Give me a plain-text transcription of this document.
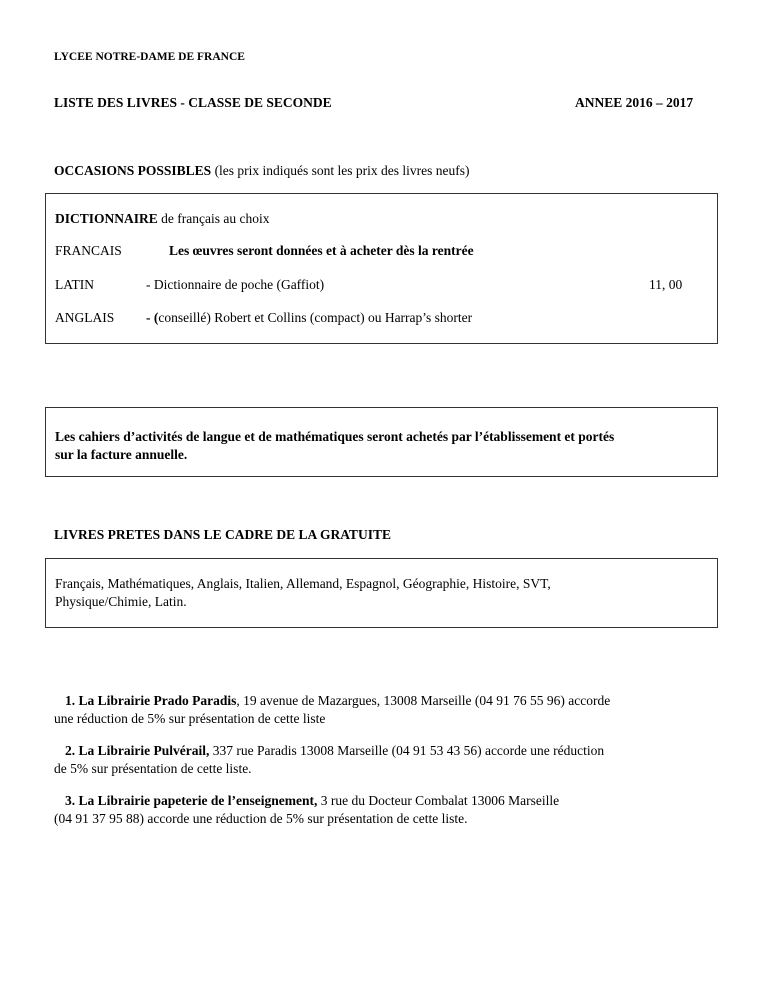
LYCEE NOTRE-DAME DE FRANCE
LISTE DES LIVRES - CLASSE DE SECONDE	ANNEE 2016 – 2017
OCCASIONS POSSIBLES (les prix indiqués sont les prix des livres neufs)
DICTIONNAIRE de français au choix
FRANCAIS	Les œuvres seront données et à acheter dès la rentrée
LATIN	- Dictionnaire de poche (Gaffiot)	11, 00
ANGLAIS - (conseillé) Robert et Collins (compact) ou Harrap’s shorter
Les cahiers d’activités de langue et de mathématiques seront achetés par l’établissement et portés
sur la facture annuelle.
LIVRES PRETES DANS LE CADRE DE LA GRATUITE
Français, Mathématiques, Anglais, Italien, Allemand, Espagnol, Géographie, Histoire, SVT,
Physique/Chimie, Latin.
1. La Librairie Prado Paradis, 19 avenue de Mazargues, 13008 Marseille (04 91 76 55 96) accorde
une réduction de 5% sur présentation de cette liste
2. La Librairie Pulvérail, 337 rue Paradis 13008 Marseille (04 91 53 43 56) accorde une réduction
de 5% sur présentation de cette liste.
3. La Librairie papeterie de l’enseignement, 3 rue du Docteur Combalat 13006 Marseille
(04 91 37 95 88) accorde une réduction de 5% sur présentation de cette liste.
